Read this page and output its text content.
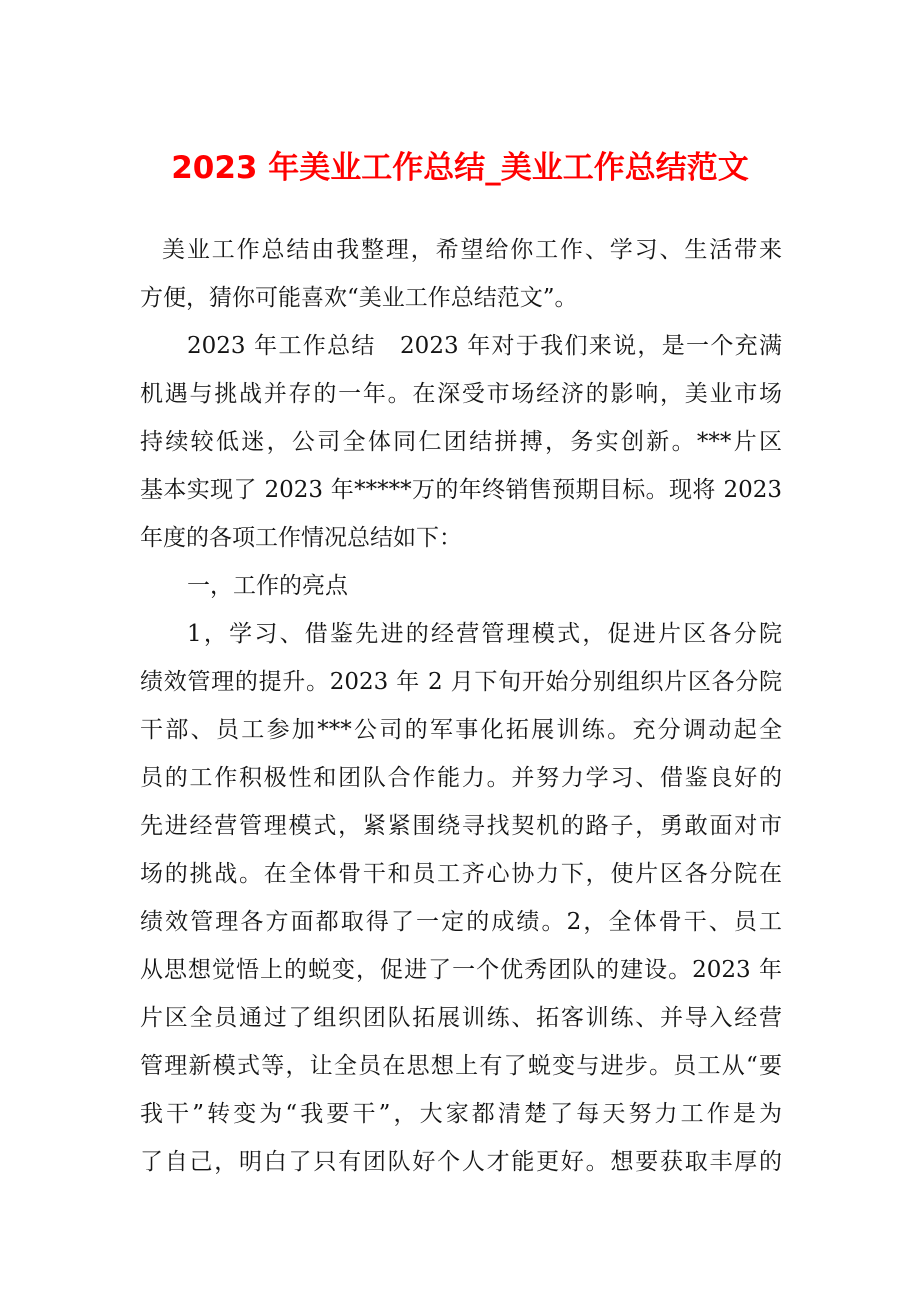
2023 年美业工作总结_美业工作总结范文
美业工作总结由我整理，希望给你工作、学习、生活带来
方便，猜你可能喜欢“美业工作总结范文”。
2023 年工作总结　2023 年对于我们来说，是一个充满
机遇与挑战并存的一年。在深受市场经济的影响，美业市场
持续较低迷，公司全体同仁团结拼搏，务实创新。***片区
基本实现了 2023 年*****万的年终销售预期目标。现将 2023
年度的各项工作情况总结如下：
一，工作的亮点
1，学习、借鉴先进的经营管理模式，促进片区各分院
绩效管理的提升。2023 年 2 月下旬开始分别组织片区各分院
干部、员工参加***公司的军事化拓展训练。充分调动起全
员的工作积极性和团队合作能力。并努力学习、借鉴良好的
先进经营管理模式，紧紧围绕寻找契机的路子，勇敢面对市
场的挑战。在全体骨干和员工齐心协力下，使片区各分院在
绩效管理各方面都取得了一定的成绩。2，全体骨干、员工
从思想觉悟上的蜕变，促进了一个优秀团队的建设。2023 年
片区全员通过了组织团队拓展训练、拓客训练、并导入经营
管理新模式等，让全员在思想上有了蜕变与进步。员工从“要
我干”转变为“我要干”，大家都清楚了每天努力工作是为
了自己，明白了只有团队好个人才能更好。想要获取丰厚的
